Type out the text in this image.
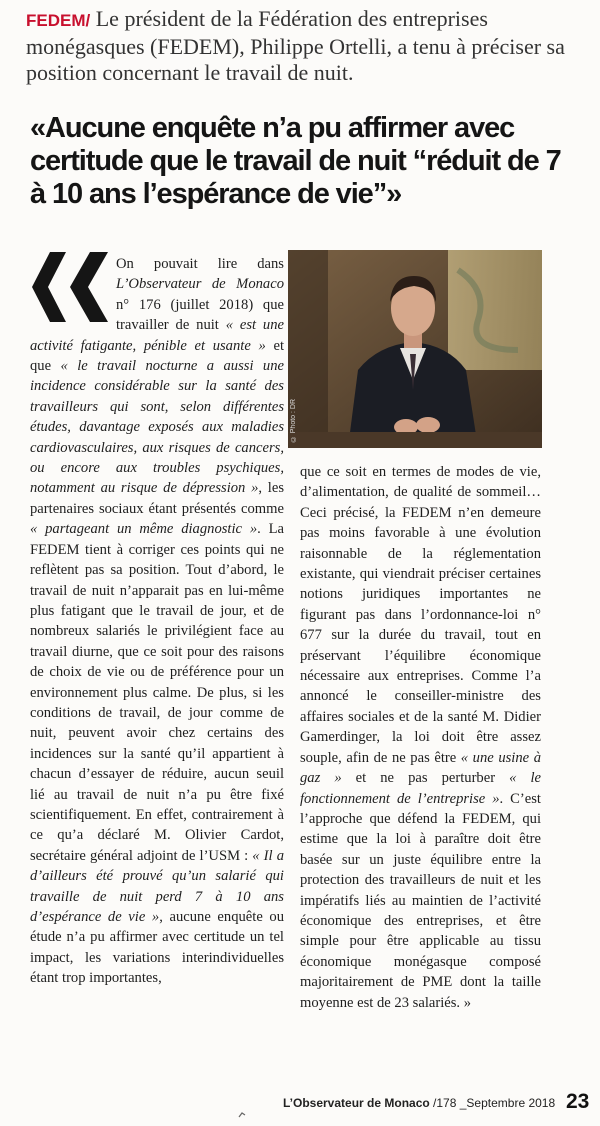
FEDEM/ Le président de la Fédération des entreprises monégasques (FEDEM), Philippe Ortelli, a tenu à préciser sa position concernant le travail de nuit.
«Aucune enquête n’a pu affirmer avec certitude que le travail de nuit “réduit de 7 à 10 ans l’espérance de vie”»
© Photo : DR
On pouvait lire dans L’Observateur de Monaco n° 176 (juillet 2018) que travailler de nuit « est une activité fatigante, pénible et usante » et que « le travail nocturne a aussi une incidence considérable sur la santé des travailleurs qui sont, selon différentes études, davantage exposés aux maladies cardiovasculaires, aux risques de cancers, ou encore aux troubles psychiques, notamment au risque de dépression », les partenaires sociaux étant présentés comme « partageant un même diagnostic ». La FEDEM tient à corriger ces points qui ne reflètent pas sa position. Tout d’abord, le travail de nuit n’apparait pas en lui-même plus fatigant que le travail de jour, et de nombreux salariés le privilégient face au travail diurne, que ce soit pour des raisons de choix de vie ou de préférence pour un environnement plus calme. De plus, si les conditions de travail, de jour comme de nuit, peuvent avoir chez certains des incidences sur la santé qu’il appartient à chacun d’essayer de réduire, aucun seuil lié au travail de nuit n’a pu être fixé scientifiquement. En effet, contrairement à ce qu’a déclaré M. Olivier Cardot, secrétaire général adjoint de l’USM : « Il a d’ailleurs été prouvé qu’un salarié qui travaille de nuit perd 7 à 10 ans d’espérance de vie », aucune enquête ou étude n’a pu affirmer avec certitude un tel impact, les variations interindividuelles étant trop importantes,
que ce soit en termes de modes de vie, d’alimentation, de qualité de sommeil… Ceci précisé, la FEDEM n’en demeure pas moins favorable à une évolution raisonnable de la réglementation existante, qui viendrait préciser certaines notions juridiques importantes ne figurant pas dans l’ordonnance-loi n° 677 sur la durée du travail, tout en préservant l’équilibre économique nécessaire aux entreprises. Comme l’a annoncé le conseiller-ministre des affaires sociales et de la santé M. Didier Gamerdinger, la loi doit être assez souple, afin de ne pas être « une usine à gaz » et ne pas perturber « le fonctionnement de l’entreprise ». C’est l’approche que défend la FEDEM, qui estime que la loi à paraître doit être basée sur un juste équilibre entre la protection des travailleurs de nuit et les impératifs liés au maintien de l’activité économique des entreprises, et être simple pour être applicable au tissu économique monégasque composé majoritairement de PME dont la taille moyenne est de 23 salariés. »
L’Observateur de Monaco /178 _Septembre 2018 23
